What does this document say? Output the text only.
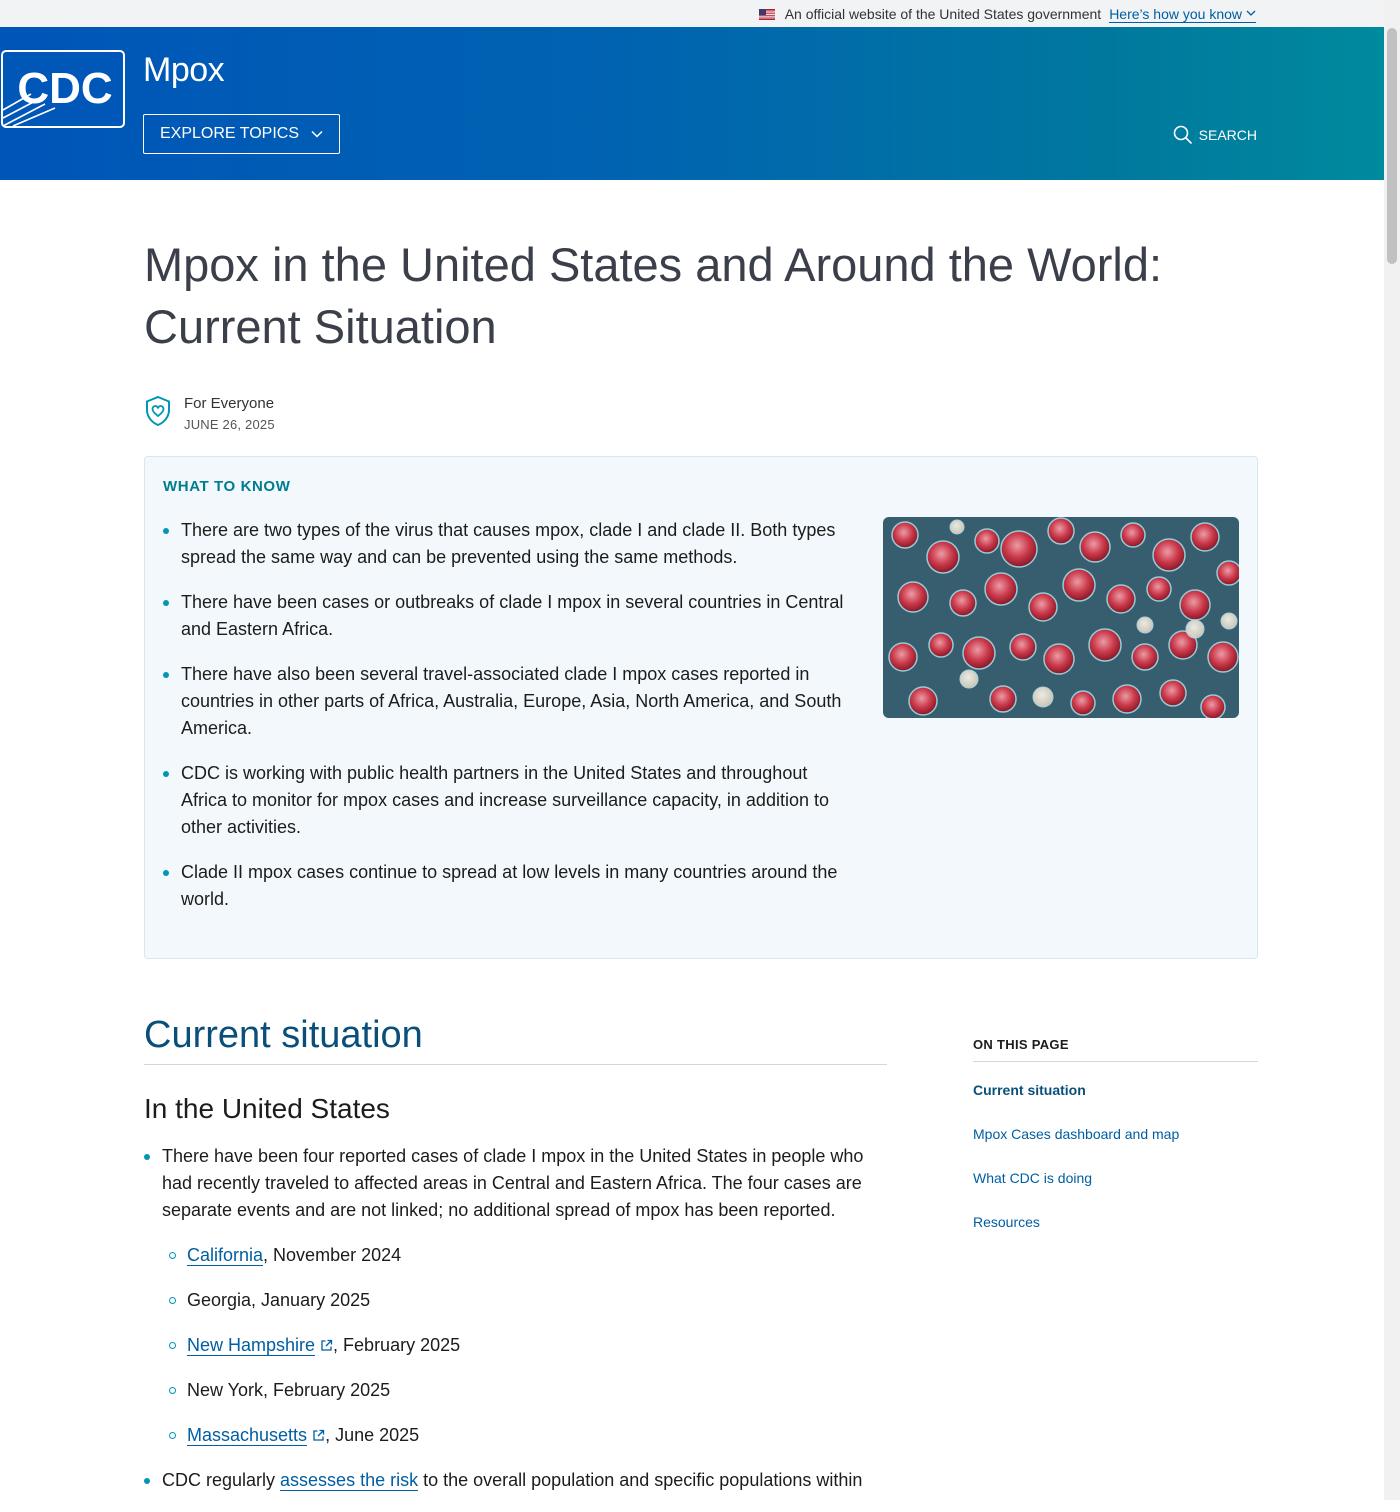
An official website of the United States government Here’s how you know
CDC Mpox
EXPLORE TOPICS	SEARCH
Mpox in the United States and Around the World: Current Situation
For Everyone
JUNE 26, 2025
WHAT TO KNOW
There are two types of the virus that causes mpox, clade I and clade II. Both types spread the same way and can be prevented using the same methods.
There have been cases or outbreaks of clade I mpox in several countries in Central and Eastern Africa.
There have also been several travel-associated clade I mpox cases reported in countries in other parts of Africa, Australia, Europe, Asia, North America, and South America.
CDC is working with public health partners in the United States and throughout Africa to monitor for mpox cases and increase surveillance capacity, in addition to other activities.
Clade II mpox cases continue to spread at low levels in many countries around the world.
Current situation
In the United States
There have been four reported cases of clade I mpox in the United States in people who had recently traveled to affected areas in Central and Eastern Africa. The four cases are separate events and are not linked; no additional spread of mpox has been reported.
California, November 2024
Georgia, January 2025
New Hampshire , February 2025
New York, February 2025
Massachusetts , June 2025
CDC regularly assesses the risk to the overall population and specific populations within
ON THIS PAGE
Current situation
Mpox Cases dashboard and map
What CDC is doing
Resources
